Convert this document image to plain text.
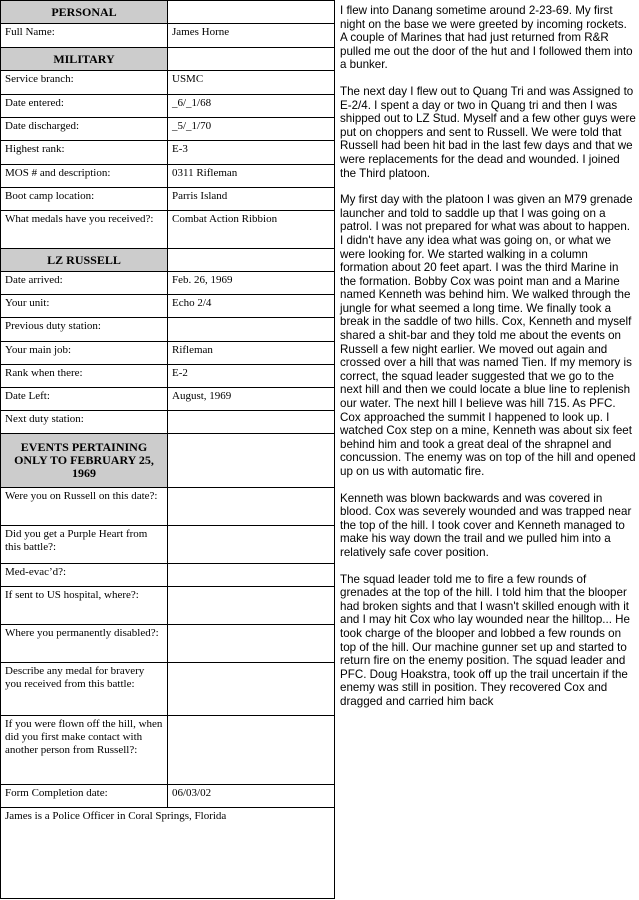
PERSONAL	
Full Name:	James Horne
MILITARY	
Service branch:	USMC
Date entered:	_6/_1/68
Date discharged:	_5/_1/70
Highest rank:	E-3
MOS # and description:	0311 Rifleman
Boot camp location:	Parris Island
What medals have you received?:	Combat Action Ribbion
LZ RUSSELL	
Date arrived:	Feb. 26, 1969
Your unit:	Echo 2/4
Previous duty station:	
Your main job:	Rifleman
Rank when there:	E-2
Date Left:	August, 1969
Next duty station:	
EVENTS PERTAINING ONLY TO FEBRUARY 25, 1969	
Were you on Russell on this date?:	
Did you get a Purple Heart from this battle?:	
Med-evac’d?:	
If sent to US hospital, where?:	
Where you permanently disabled?:	
Describe any medal for bravery you received from this battle:	
If you were flown off the hill, when did you first make contact with another person from Russell?:	
Form Completion date:	06/03/02
James is a Police Officer in Coral Springs, Florida	

I flew into Danang sometime around 2-23-69. My first night on the base we were greeted by incoming rockets. A couple of Marines that had just returned from R&R pulled me out the door of the hut and I followed them into a bunker.

The next day I flew out to Quang Tri and was Assigned to E-2/4. I spent a day or two in Quang tri and then I was shipped out to LZ Stud. Myself and a few other guys were put on choppers and sent to Russell. We were told that Russell had been hit bad in the last few days and that we were replacements for the dead and wounded. I joined the Third platoon.

My first day with the platoon I was given an M79 grenade launcher and told to saddle up that I was going on a patrol. I was not prepared for what was about to happen. I didn't have any idea what was going on, or what we were looking for. We started walking in a column formation about 20 feet apart. I was the third Marine in the formation. Bobby Cox was point man and a Marine named Kenneth was behind him. We walked through the jungle for what seemed a long time. We finally took a break in the saddle of two hills. Cox, Kenneth and myself shared a shit-bar and they told me about the events on Russell a few night earlier. We moved out again and crossed over a hill that was named Tien. If my memory is correct, the squad leader suggested that we go to the next hill and then we could locate a blue line to replenish our water. The next hill I believe was hill 715. As PFC. Cox approached the summit I happened to look up. I watched Cox step on a mine, Kenneth was about six feet behind him and took a great deal of the shrapnel and concussion. The enemy was on top of the hill and opened up on us with automatic fire.

Kenneth was blown backwards and was covered in blood. Cox was severely wounded and was trapped near the top of the hill. I took cover and Kenneth managed to make his way down the trail and we pulled him into a relatively safe cover position.

The squad leader told me to fire a few rounds of grenades at the top of the hill. I told him that the blooper had broken sights and that I wasn't skilled enough with it and I may hit Cox who lay wounded near the hilltop... He took charge of the blooper and lobbed a few rounds on top of the hill. Our machine gunner set up and started to return fire on the enemy position. The squad leader and PFC. Doug Hoakstra, took off up the trail uncertain if the enemy was still in position. They recovered Cox and dragged and carried him back
